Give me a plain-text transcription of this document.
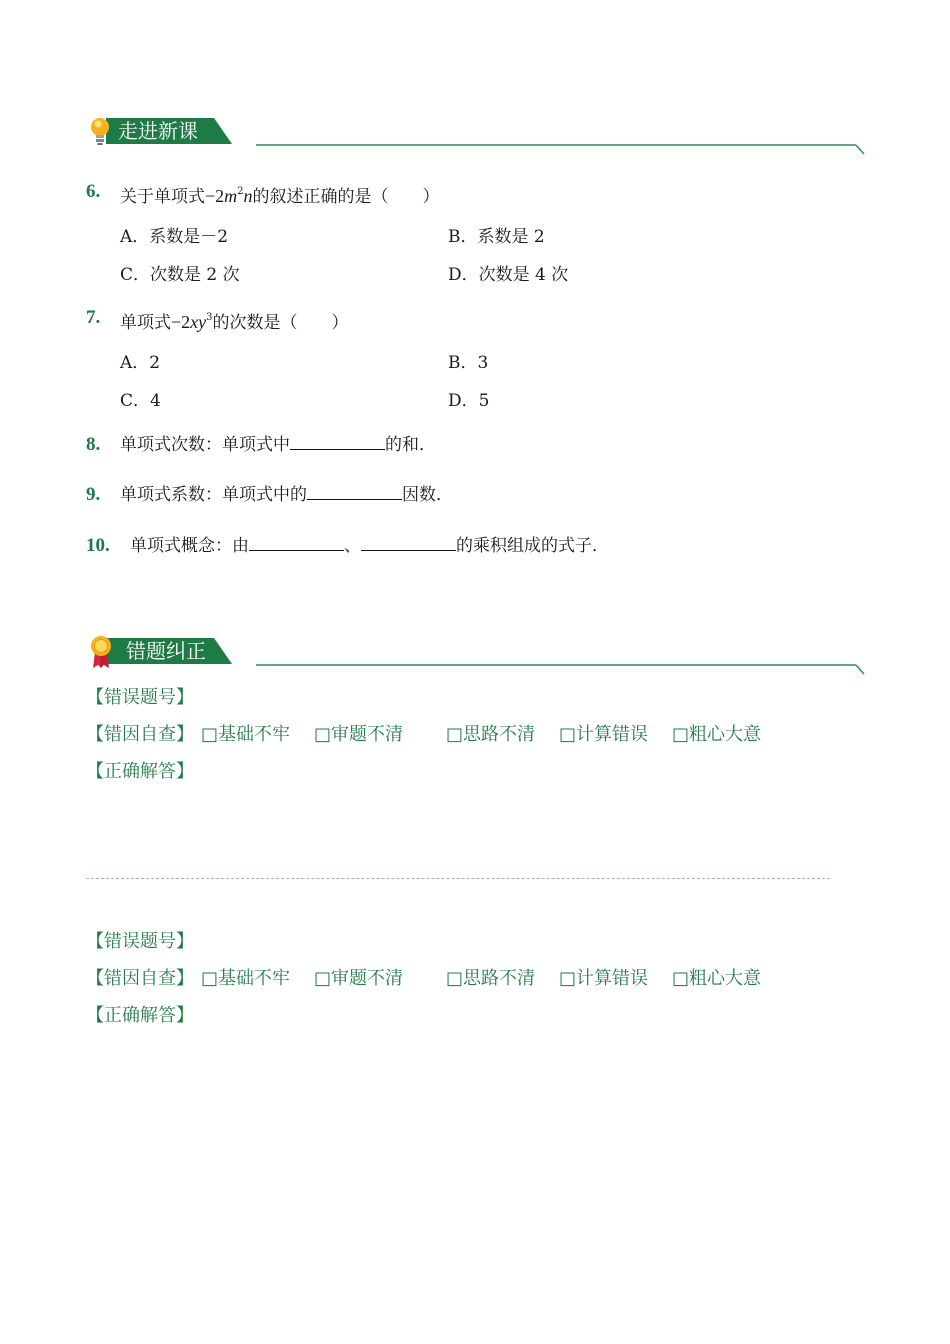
走进新课
6. 关于单项式$-2m^2n$的叙述正确的是（　　）
A．系数是－2	B．系数是 2
C．次数是 2 次	D．次数是 4 次
7. 单项式$-2xy^3$的次数是（　　）
A．2	B．3
C．4	D．5
8. 单项式次数：单项式中	的和．
9. 单项式系数：单项式中的	因数．
10. 单项式概念：由	、	的乘积组成的式子．
错题纠正
【错误题号】
【错因自查】 □基础不牢 □审题不清 □思路不清 □计算错误 □粗心大意
【正确解答】
【错误题号】
【错因自查】 □基础不牢 □审题不清 □思路不清 □计算错误 □粗心大意
【正确解答】
